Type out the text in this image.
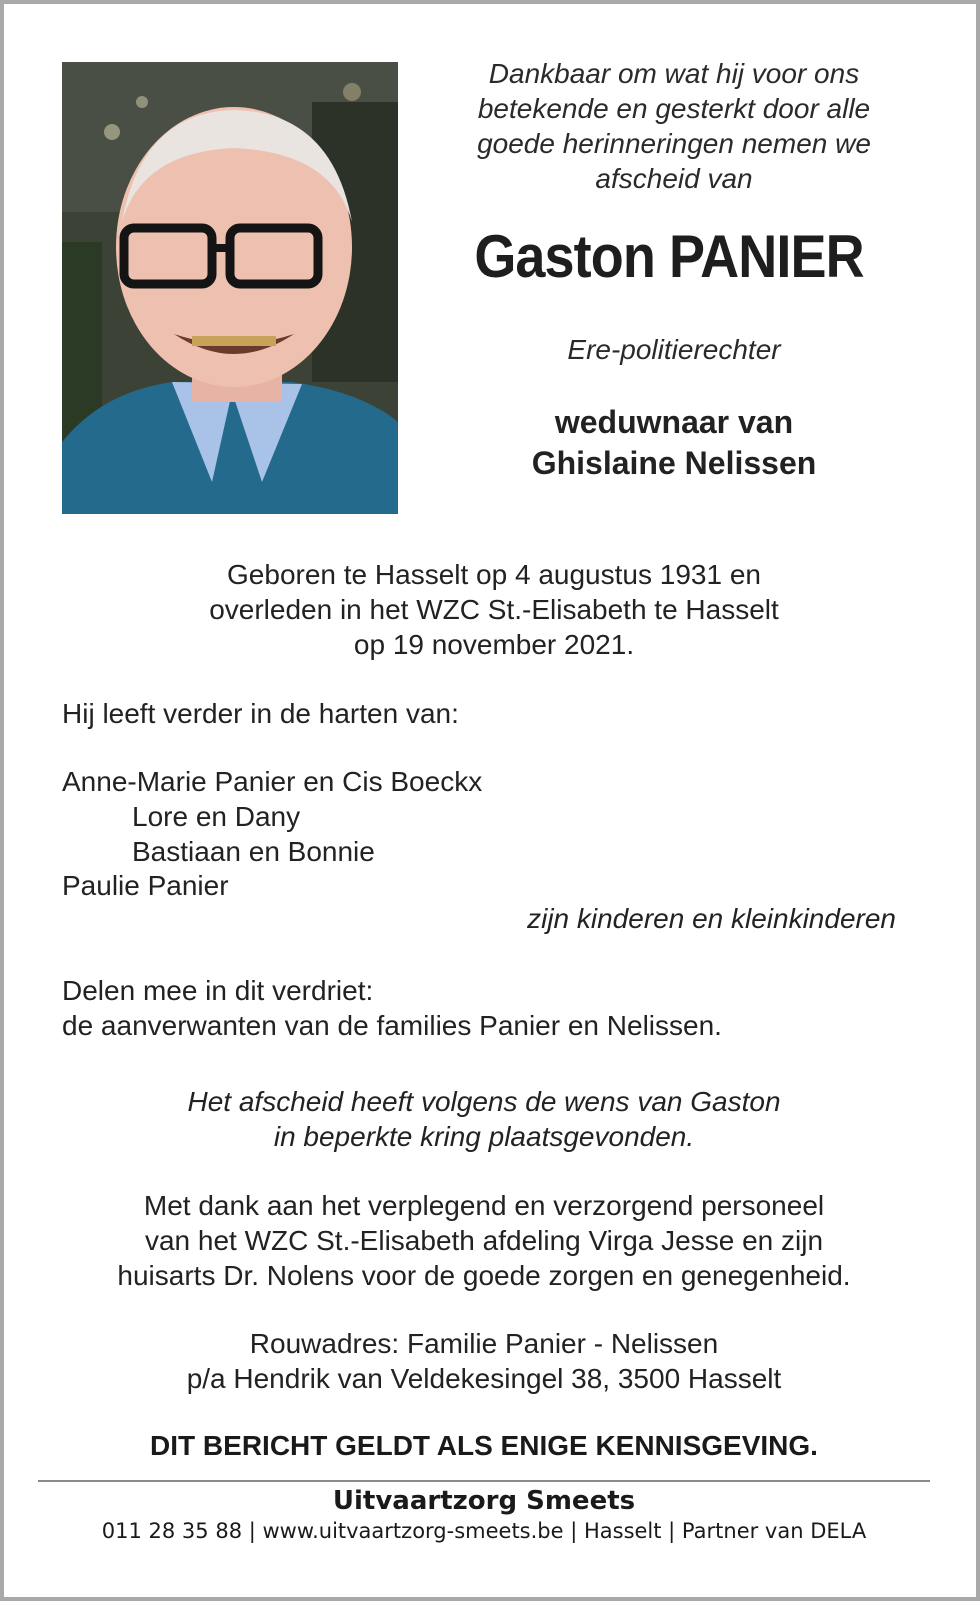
Dankbaar om wat hij voor ons
betekende en gesterkt door alle
goede herinneringen nemen we
afscheid van
Gaston PANIER
Ere-politierechter
weduwnaar van
Ghislaine Nelissen
Geboren te Hasselt op 4 augustus 1931 en
overleden in het WZC St.-Elisabeth te Hasselt
op 19 november 2021.
Hij leeft verder in de harten van:
Anne-Marie Panier en Cis Boeckx
Lore en Dany
Bastiaan en Bonnie
Paulie Panier
zijn kinderen en kleinkinderen
Delen mee in dit verdriet:
de aanverwanten van de families Panier en Nelissen.
Het afscheid heeft volgens de wens van Gaston
in beperkte kring plaatsgevonden.
Met dank aan het verplegend en verzorgend personeel
van het WZC St.-Elisabeth afdeling Virga Jesse en zijn
huisarts Dr. Nolens voor de goede zorgen en genegenheid.
Rouwadres: Familie Panier - Nelissen
p/a Hendrik van Veldekesingel 38, 3500 Hasselt
DIT BERICHT GELDT ALS ENIGE KENNISGEVING.
Uitvaartzorg Smeets
011 28 35 88 | www.uitvaartzorg-smeets.be | Hasselt | Partner van DELA
